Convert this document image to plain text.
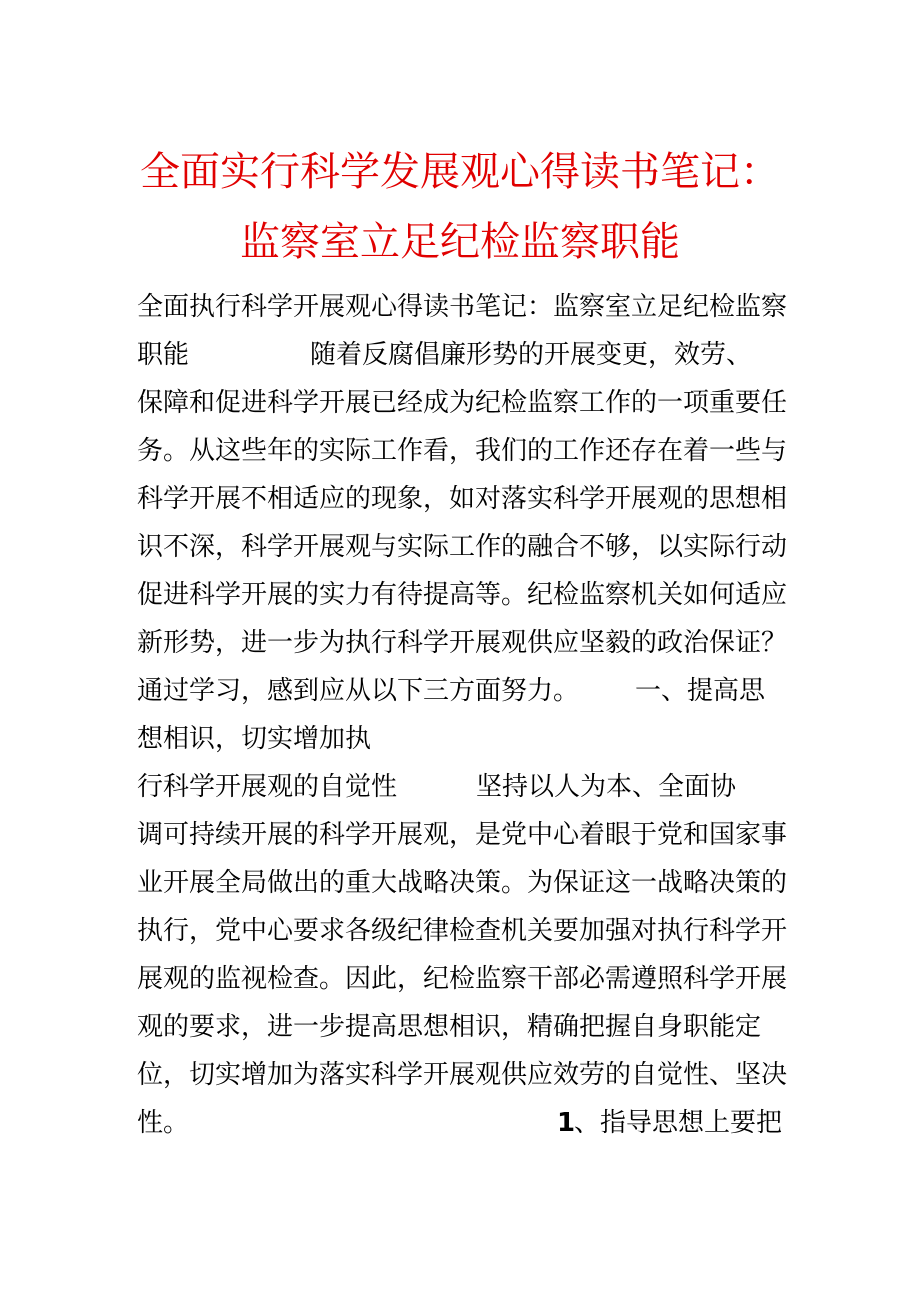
全面实行科学发展观心得读书笔记：
监察室立足纪检监察职能
全面执行科学开展观心得读书笔记：监察室立足纪检监察
职能	随着反腐倡廉形势的开展变更，效劳、
保障和促进科学开展已经成为纪检监察工作的一项重要任
务。从这些年的实际工作看，我们的工作还存在着一些与
科学开展不相适应的现象，如对落实科学开展观的思想相
识不深，科学开展观与实际工作的融合不够，以实际行动
促进科学开展的实力有待提高等。纪检监察机关如何适应
新形势，进一步为执行科学开展观供应坚毅的政治保证？
通过学习，感到应从以下三方面努力。 一、提高思
想相识，切实增加执
行科学开展观的自觉性	坚持以人为本、全面协
调可持续开展的科学开展观，是党中心着眼于党和国家事
业开展全局做出的重大战略决策。为保证这一战略决策的
执行，党中心要求各级纪律检查机关要加强对执行科学开
展观的监视检查。因此，纪检监察干部必需遵照科学开展
观的要求，进一步提高思想相识，精确把握自身职能定
位，切实增加为落实科学开展观供应效劳的自觉性、坚决
性。	1
、指导思想上要把
